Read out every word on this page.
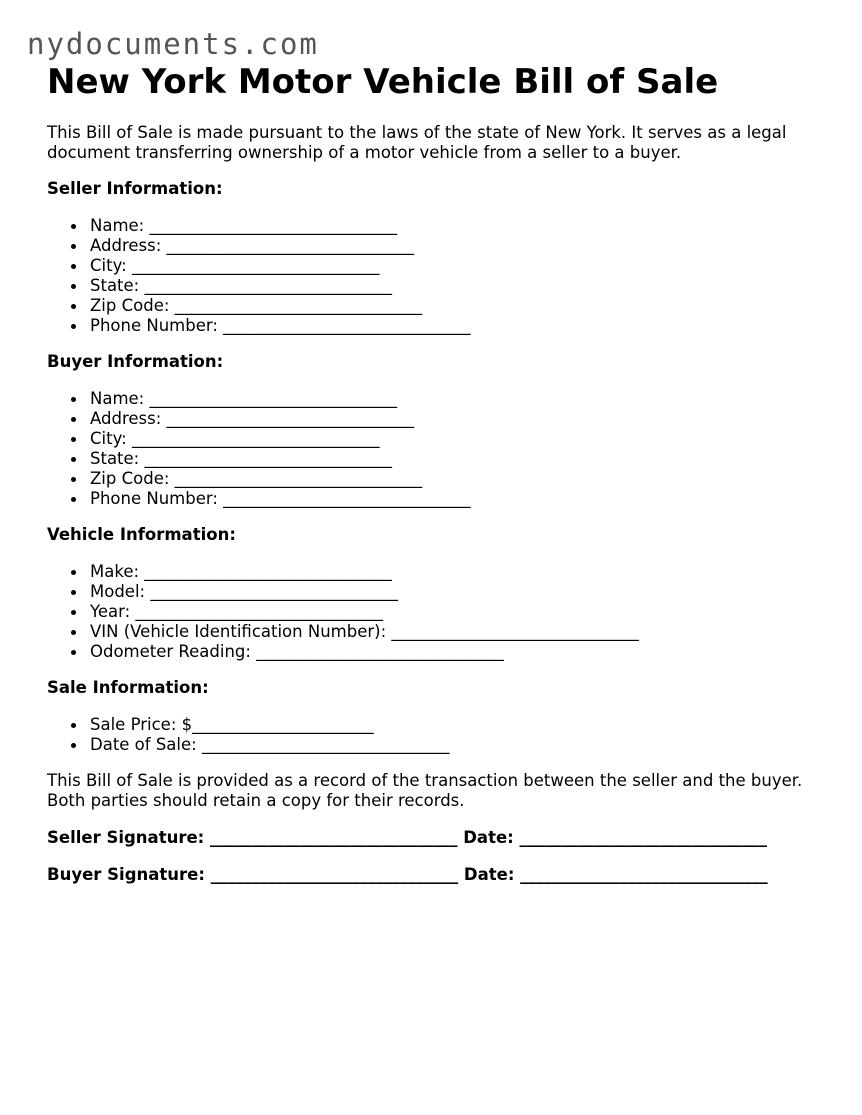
nydocuments.com
New York Motor Vehicle Bill of Sale

This Bill of Sale is made pursuant to the laws of the state of New York. It serves as a legal document transferring ownership of a motor vehicle from a seller to a buyer.

Seller Information:

Name: ______________________________
Address: ______________________________
City: ______________________________
State: ______________________________
Zip Code: ______________________________
Phone Number: ______________________________

Buyer Information:

Name: ______________________________
Address: ______________________________
City: ______________________________
State: ______________________________
Zip Code: ______________________________
Phone Number: ______________________________

Vehicle Information:

Make: ______________________________
Model: ______________________________
Year: ______________________________
VIN (Vehicle Identification Number): ______________________________
Odometer Reading: ______________________________

Sale Information:

Sale Price: $______________________
Date of Sale: ______________________________

This Bill of Sale is provided as a record of the transaction between the seller and the buyer. Both parties should retain a copy for their records.

Seller Signature: ______________________________ Date: ______________________________

Buyer Signature: ______________________________ Date: ______________________________
